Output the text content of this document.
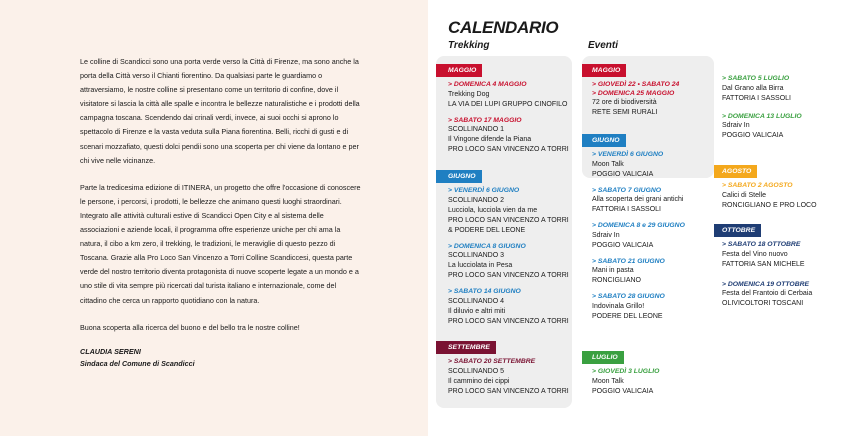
Le colline di Scandicci sono una porta verde verso la Città di Firenze, ma sono anche la porta della Città verso il Chianti fiorentino. Da qualsiasi parte le guardiamo o attraversiamo, le nostre colline si presentano come un territorio di confine, dove il visitatore si lascia la città alle spalle e incontra le bellezze naturalistiche e i prodotti della campagna toscana. Scendendo dai crinali verdi, invece, ai suoi occhi si aprono lo spettacolo di Firenze e la vasta veduta sulla Piana fiorentina. Belli, ricchi di gusti e di scenari mozzafiato, questi dolci pendii sono una scoperta per chi viene da lontano e per chi vive nelle vicinanze.

Parte la tredicesima edizione di ITINERA, un progetto che offre l'occasione di conoscere le persone, i percorsi, i prodotti, le bellezze che animano questi luoghi straordinari. Integrato alle attività culturali estive di Scandicci Open City e al sistema delle associazioni e aziende locali, il programma offre esperienze uniche per chi ama la natura, il cibo a km zero, il trekking, le tradizioni, le meraviglie di questo pezzo di Toscana. Grazie alla Pro Loco San Vincenzo a Torri Colline Scandiccesi, questa parte verde del nostro territorio diventa protagonista di nuove scoperte legate a un mondo e a uno stile di vita sempre più ricercati dal turista italiano e internazionale, come del cittadino che cerca un rapporto quotidiano con la natura.

Buona scoperta alla ricerca del buono e del bello tra le nostre colline!

CLAUDIA SERENI
Sindaca del Comune di Scandicci
CALENDARIO
Trekking	Eventi
MAGGIO
> DOMENICA 4 MAGGIO
Trekking Dog
LA VIA DEI LUPI GRUPPO CINOFILO
> SABATO 17 MAGGIO
SCOLLINANDO 1
Il Vingone difende la Piana
PRO LOCO SAN VINCENZO A TORRI
GIUGNO
> VENERDÌ 6 GIUGNO
SCOLLINANDO 2
Lucciola, lucciola vien da me
PRO LOCO SAN VINCENZO A TORRI
& PODERE DEL LEONE
> DOMENICA 8 GIUGNO
SCOLLINANDO 3
La lucciolata in Pesa
PRO LOCO SAN VINCENZO A TORRI
> SABATO 14 GIUGNO
SCOLLINANDO 4
Il diluvio e altri miti
PRO LOCO SAN VINCENZO A TORRI
SETTEMBRE
> SABATO 20 SETTEMBRE
SCOLLINANDO 5
Il cammino dei cippi
PRO LOCO SAN VINCENZO A TORRI
MAGGIO
> GIOVEDÌ 22 • SABATO 24
> DOMENICA 25 MAGGIO
72 ore di biodiversità
RETE SEMI RURALI
GIUGNO
> VENERDÌ 6 GIUGNO
Moon Talk
POGGIO VALICAIA
> SABATO 7 GIUGNO
Alla scoperta dei grani antichi
FATTORIA I SASSOLI
> DOMENICA 8 e 29 GIUGNO
Sdraiv In
POGGIO VALICAIA
> SABATO 21 GIUGNO
Mani in pasta
RONCIGLIANO
> SABATO 28 GIUGNO
Indovinala Grillo!
PODERE DEL LEONE
LUGLIO
> GIOVEDÌ 3 LUGLIO
Moon Talk
POGGIO VALICAIA
> SABATO 5 LUGLIO
Dal Grano alla Birra
FATTORIA I SASSOLI
> DOMENICA 13 LUGLIO
Sdraiv In
POGGIO VALICAIA
AGOSTO
> SABATO 2 AGOSTO
Calici di Stelle
RONCIGLIANO E PRO LOCO
OTTOBRE
> SABATO 18 OTTOBRE
Festa del Vino nuovo
FATTORIA SAN MICHELE
> DOMENICA 19 OTTOBRE
Festa del Frantoio di Cerbaia
OLIVICOLTORI TOSCANI
